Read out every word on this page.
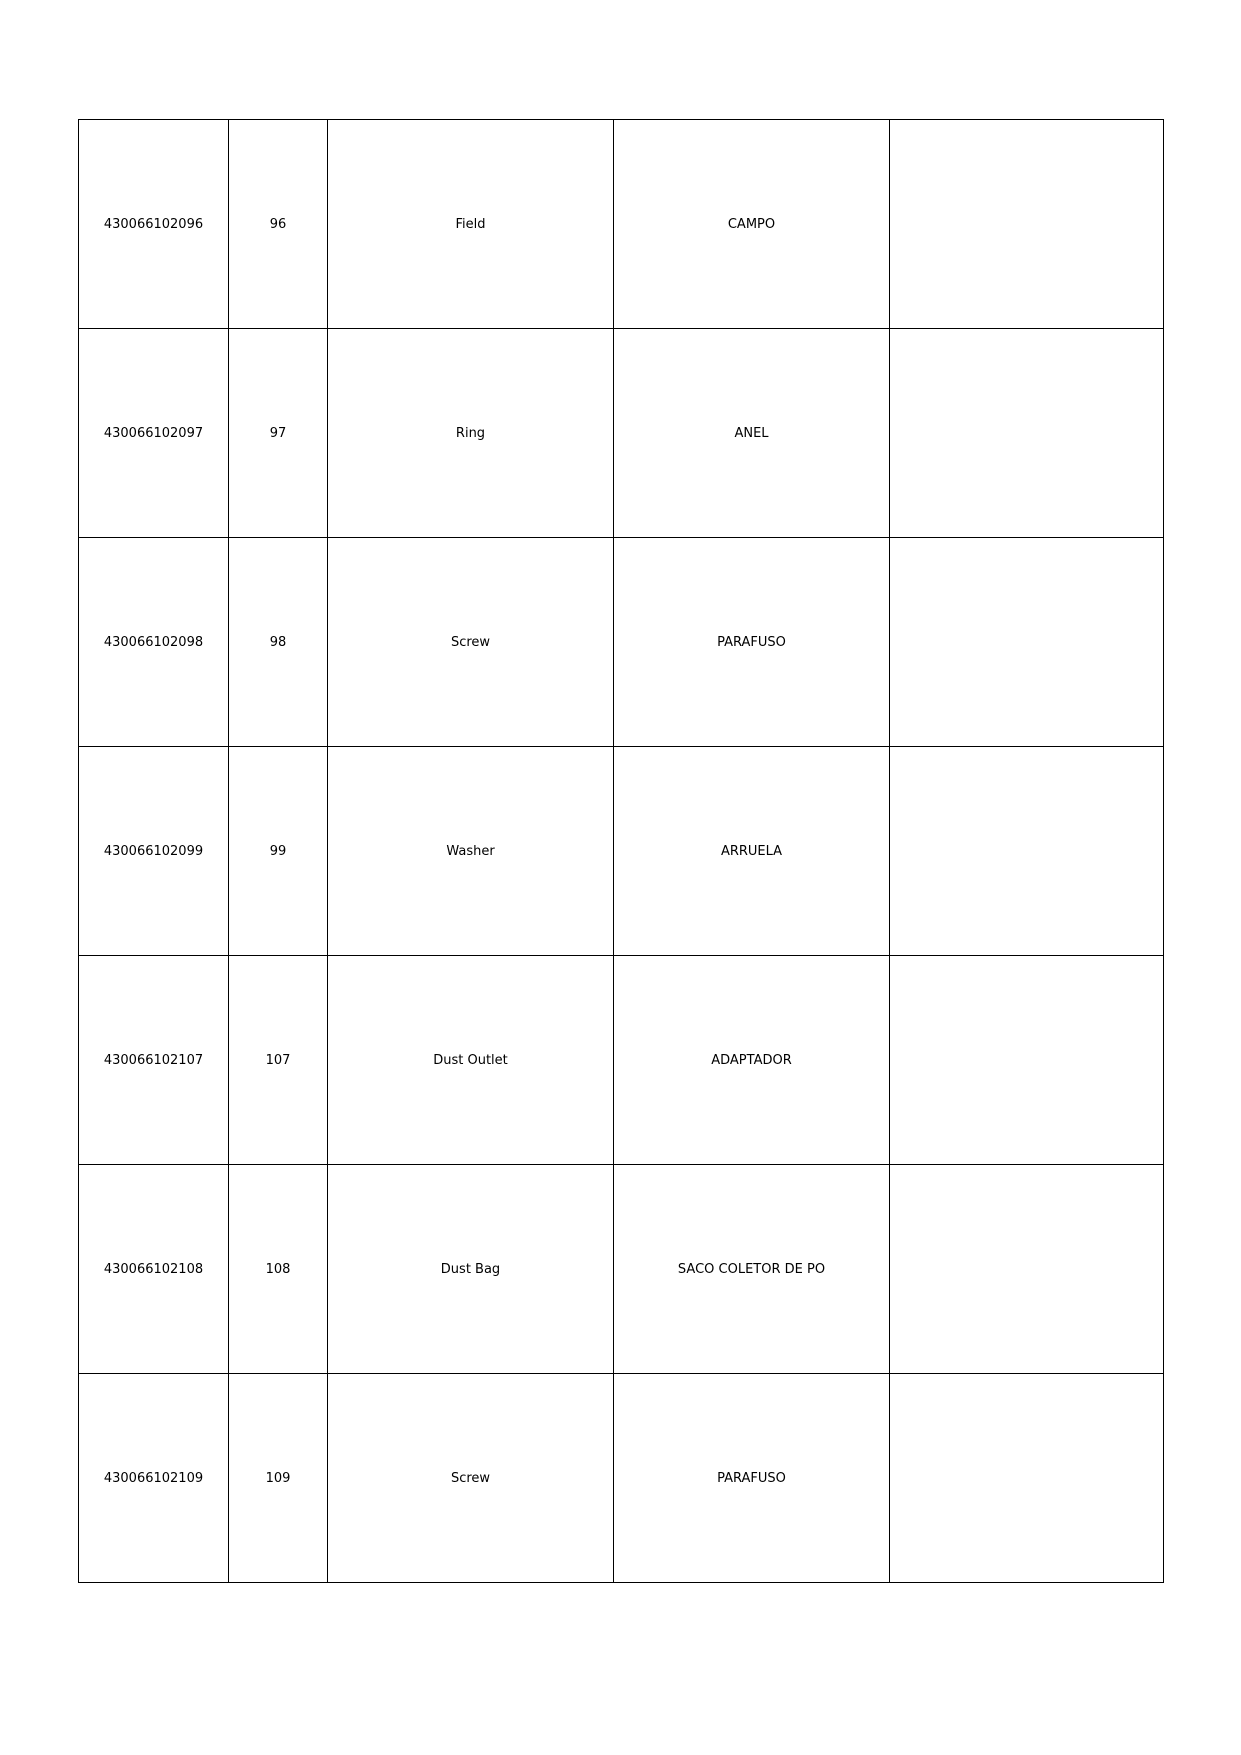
430066102096	96	Field	CAMPO	
430066102097	97	Ring	ANEL	
430066102098	98	Screw	PARAFUSO	
430066102099	99	Washer	ARRUELA	
430066102107	107	Dust Outlet	ADAPTADOR	
430066102108	108	Dust Bag	SACO COLETOR DE PO	
430066102109	109	Screw	PARAFUSO	
